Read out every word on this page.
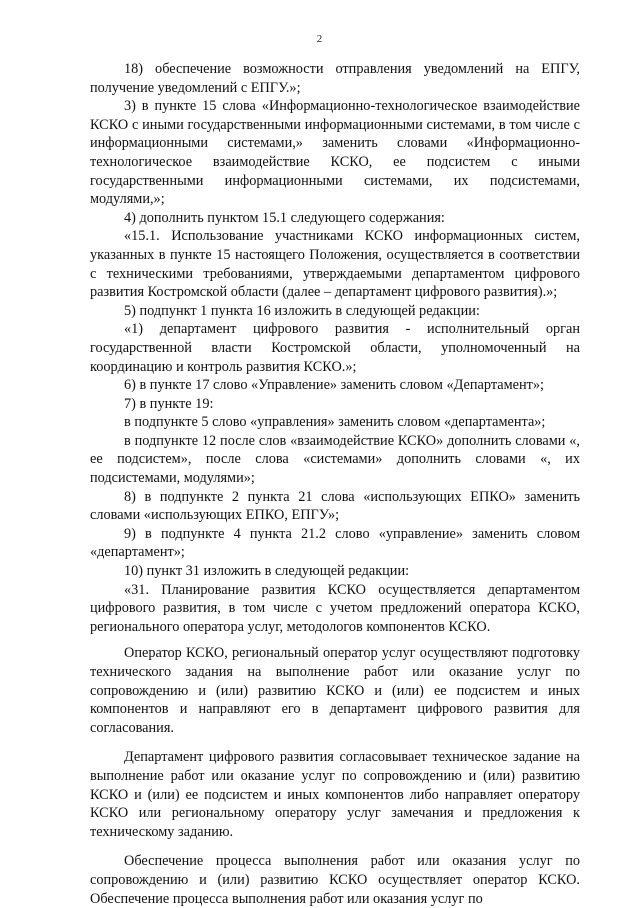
2

18) обеспечение возможности отправления уведомлений на ЕПГУ, получение уведомлений с ЕПГУ.»;

3) в пункте 15 слова «Информационно-технологическое взаимодействие КСКО с иными государственными информационными системами, в том числе с информационными системами,» заменить словами «Информационно-технологическое взаимодействие КСКО, ее подсистем с иными государственными информационными системами, их подсистемами, модулями,»;

4) дополнить пунктом 15.1 следующего содержания:

«15.1. Использование участниками КСКО информационных систем, указанных в пункте 15 настоящего Положения, осуществляется в соответствии с техническими требованиями, утверждаемыми департаментом цифрового развития Костромской области (далее – департамент цифрового развития).»;

5) подпункт 1 пункта 16 изложить в следующей редакции:

«1) департамент цифрового развития - исполнительный орган государственной власти Костромской области, уполномоченный на координацию и контроль развития КСКО.»;

6) в пункте 17 слово «Управление» заменить словом «Департамент»;

7) в пункте 19:

в подпункте 5 слово «управления» заменить словом «департамента»;

в подпункте 12 после слов «взаимодействие КСКО» дополнить словами «, ее подсистем», после слова «системами» дополнить словами «, их подсистемами, модулями»;

8) в подпункте 2 пункта 21 слова «использующих ЕПКО» заменить словами «использующих ЕПКО, ЕПГУ»;

9) в подпункте 4 пункта 21.2 слово «управление» заменить словом «департамент»;

10) пункт 31 изложить в следующей редакции:

«31. Планирование развития КСКО осуществляется департаментом цифрового развития, в том числе с учетом предложений оператора КСКО, регионального оператора услуг, методологов компонентов КСКО.

Оператор КСКО, региональный оператор услуг осуществляют подготовку технического задания на выполнение работ или оказание услуг по сопровождению и (или) развитию КСКО и (или) ее подсистем и иных компонентов и направляют его в департамент цифрового развития для согласования.

Департамент цифрового развития согласовывает техническое задание на выполнение работ или оказание услуг по сопровождению и (или) развитию КСКО и (или) ее подсистем и иных компонентов либо направляет оператору КСКО или региональному оператору услуг замечания и предложения к техническому заданию.

Обеспечение процесса выполнения работ или оказания услуг по сопровождению и (или) развитию КСКО осуществляет оператор КСКО. Обеспечение процесса выполнения работ или оказания услуг по
